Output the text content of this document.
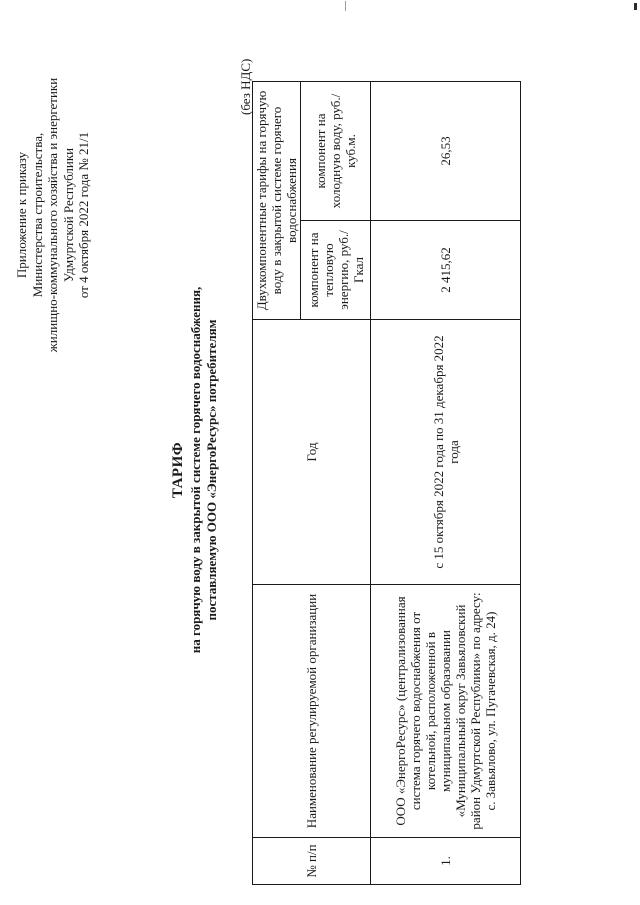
Приложение к приказу Министерства строительства, жилищно-коммунального хозяйства и энергетики Удмуртской Республики от 4 октября 2022 года № 21/1
ТАРИФ на горячую воду в закрытой системе горячего водоснабжения, поставляемую ООО «ЭнергоРесурс» потребителям
(без НДС)
№ п/п	Наименование регулируемой организации	Год	Двухкомпонентные тарифы на горячую воду в закрытой системе горячего водоснабжения	
			компонент на тепловую энергию, руб./Гкал	компонент на холодную воду, руб./куб.м.
1.	ООО «ЭнергоРесурс» (централизованная система горячего водоснабжения от котельной, расположенной в муниципальном образовании «Муниципальный округ Завьяловский район Удмуртской Республики» по адресу: с. Завьялово, ул. Пугачевская, д. 24)	с 15 октября 2022 года по 31 декабря 2022 года	2 415,62	26,53
